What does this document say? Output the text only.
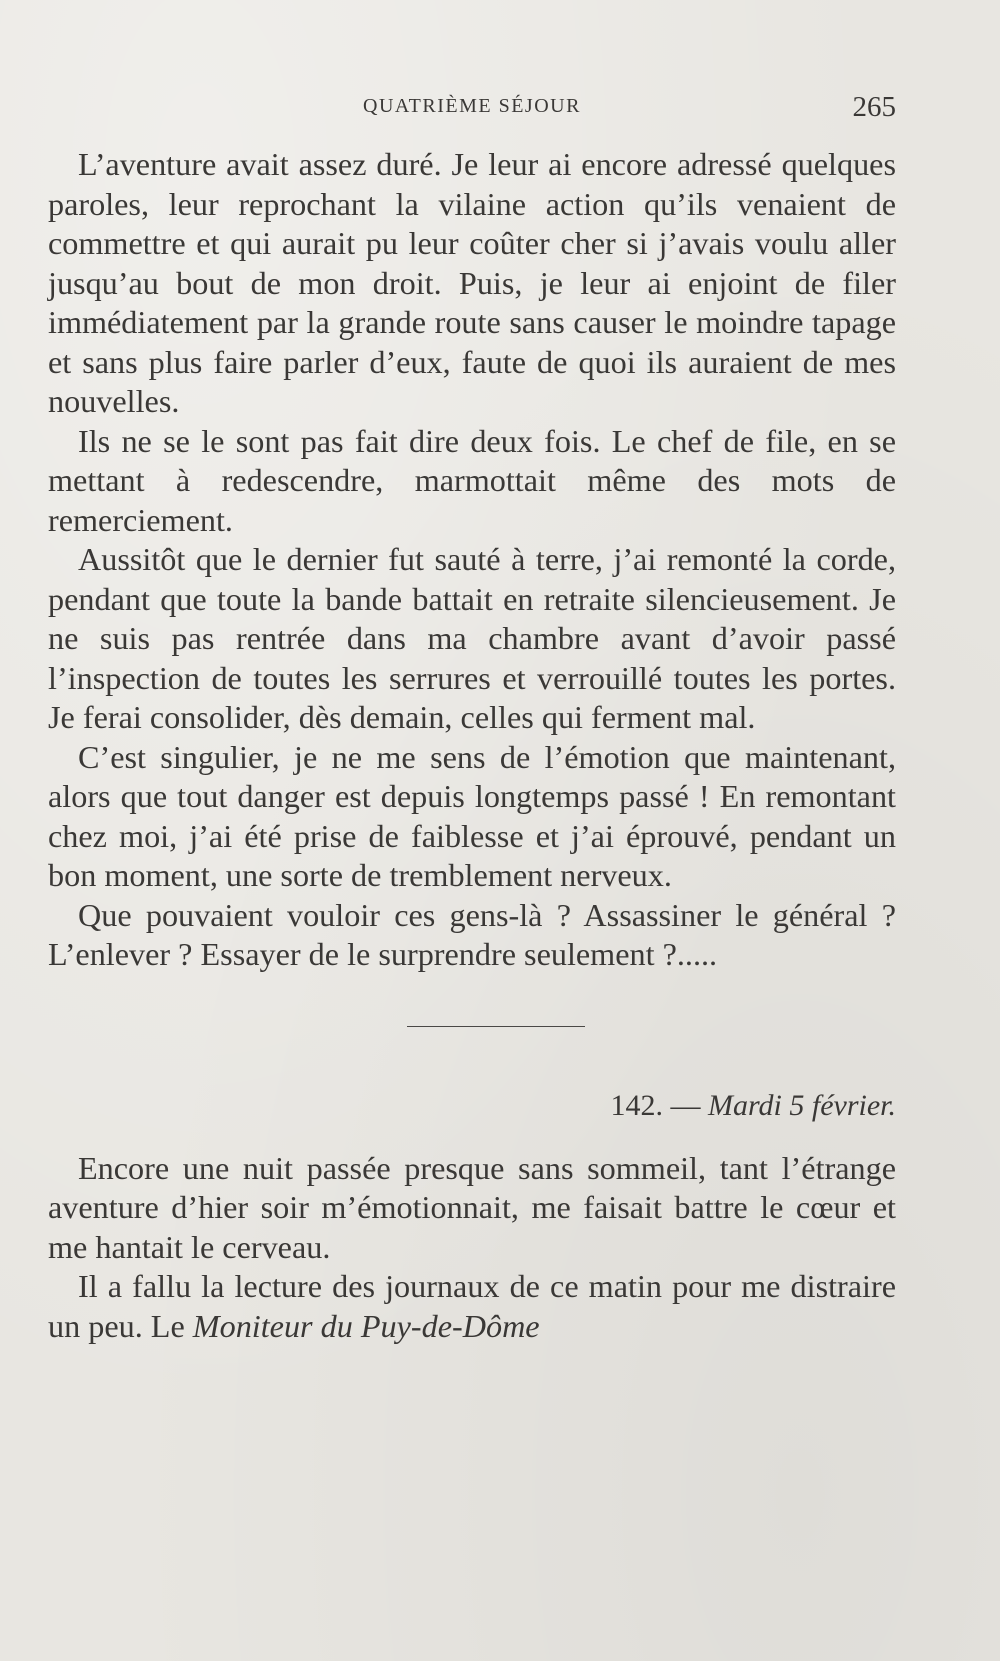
QUATRIÈME SÉJOUR	265

L’aventure avait assez duré. Je leur ai encore adressé quelques paroles, leur reprochant la vilaine action qu’ils venaient de commettre et qui aurait pu leur coûter cher si j’avais voulu aller jusqu’au bout de mon droit. Puis, je leur ai enjoint de filer immédiatement par la grande route sans causer le moindre tapage et sans plus faire parler d’eux, faute de quoi ils auraient de mes nouvelles.

Ils ne se le sont pas fait dire deux fois. Le chef de file, en se mettant à redescendre, marmottait même des mots de remerciement.

Aussitôt que le dernier fut sauté à terre, j’ai remonté la corde, pendant que toute la bande battait en retraite silencieusement. Je ne suis pas rentrée dans ma chambre avant d’avoir passé l’inspection de toutes les serrures et verrouillé toutes les portes. Je ferai consolider, dès demain, celles qui ferment mal.

C’est singulier, je ne me sens de l’émotion que maintenant, alors que tout danger est depuis longtemps passé ! En remontant chez moi, j’ai été prise de faiblesse et j’ai éprouvé, pendant un bon moment, une sorte de tremblement nerveux.

Que pouvaient vouloir ces gens-là ? Assassiner le général ? L’enlever ? Essayer de le surprendre seulement ?.....

142. — Mardi 5 février.

Encore une nuit passée presque sans sommeil, tant l’étrange aventure d’hier soir m’émotionnait, me faisait battre le cœur et me hantait le cerveau.

Il a fallu la lecture des journaux de ce matin pour me distraire un peu. Le Moniteur du Puy-de-Dôme
